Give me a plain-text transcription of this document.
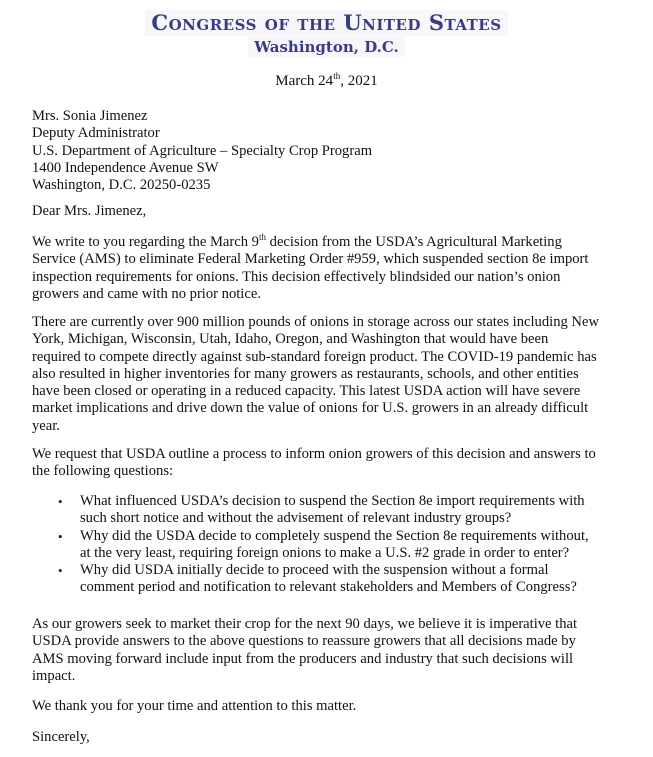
Congress of the United States
Washington, D.C.
March 24th, 2021
Mrs. Sonia Jimenez
Deputy Administrator
U.S. Department of Agriculture – Specialty Crop Program
1400 Independence Avenue SW
Washington, D.C. 20250-0235
Dear Mrs. Jimenez,
We write to you regarding the March 9th decision from the USDA’s Agricultural Marketing
Service (AMS) to eliminate Federal Marketing Order #959, which suspended section 8e import
inspection requirements for onions. This decision effectively blindsided our nation’s onion
growers and came with no prior notice.
There are currently over 900 million pounds of onions in storage across our states including New
York, Michigan, Wisconsin, Utah, Idaho, Oregon, and Washington that would have been
required to compete directly against sub-standard foreign product. The COVID-19 pandemic has
also resulted in higher inventories for many growers as restaurants, schools, and other entities
have been closed or operating in a reduced capacity. This latest USDA action will have severe
market implications and drive down the value of onions for U.S. growers in an already difficult
year.
We request that USDA outline a process to inform onion growers of this decision and answers to
the following questions:
• What influenced USDA’s decision to suspend the Section 8e import requirements with
such short notice and without the advisement of relevant industry groups?
• Why did the USDA decide to completely suspend the Section 8e requirements without,
at the very least, requiring foreign onions to make a U.S. #2 grade in order to enter?
• Why did USDA initially decide to proceed with the suspension without a formal
comment period and notification to relevant stakeholders and Members of Congress?
As our growers seek to market their crop for the next 90 days, we believe it is imperative that
USDA provide answers to the above questions to reassure growers that all decisions made by
AMS moving forward include input from the producers and industry that such decisions will
impact.
We thank you for your time and attention to this matter.
Sincerely,
